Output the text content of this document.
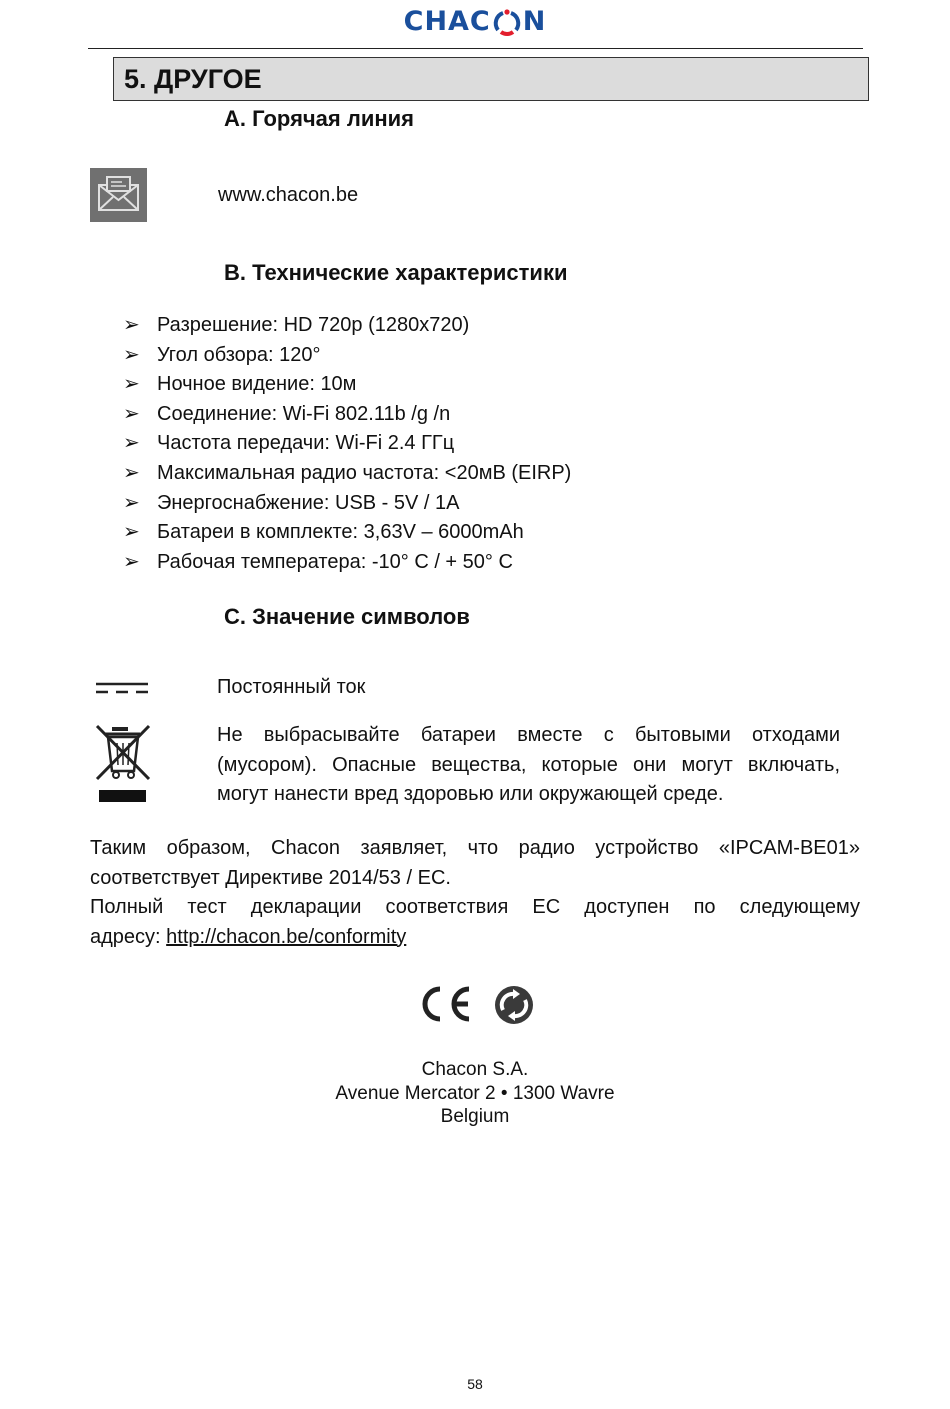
CHAC N
5. ДРУГОЕ
A. Горячая линия
www.chacon.be
B. Технические характеристики
➢ Разрешение: HD 720p (1280x720)
➢ Угол обзора: 120°
➢ Ночное видение: 10м
➢ Соединение: Wi-Fi 802.11b /g /n
➢ Частота передачи: Wi-Fi 2.4 ГГц
➢ Максимальная радио частота: <20мВ (EIRP)
➢ Энергоснабжение: USB - 5V / 1A
➢ Батареи в комплекте: 3,63V – 6000mAh
➢ Рабочая температера: -10° C / + 50° C
C. Значение символов
Постоянный ток
Не выбрасывайте батареи вместе с бытовыми отходами
(мусором). Опасные вещества, которые они могут включать,
могут нанести вред здоровью или окружающей среде.
Таким образом, Chacon заявляет, что радио устройство «IPCAM-BE01»
соответствует Директиве 2014/53 / EC.
Полный тест декларации соответствия ЕС доступен по следующему
адресу: http://chacon.be/conformity
Chacon S.A.
Avenue Mercator 2 • 1300 Wavre
Belgium
58
